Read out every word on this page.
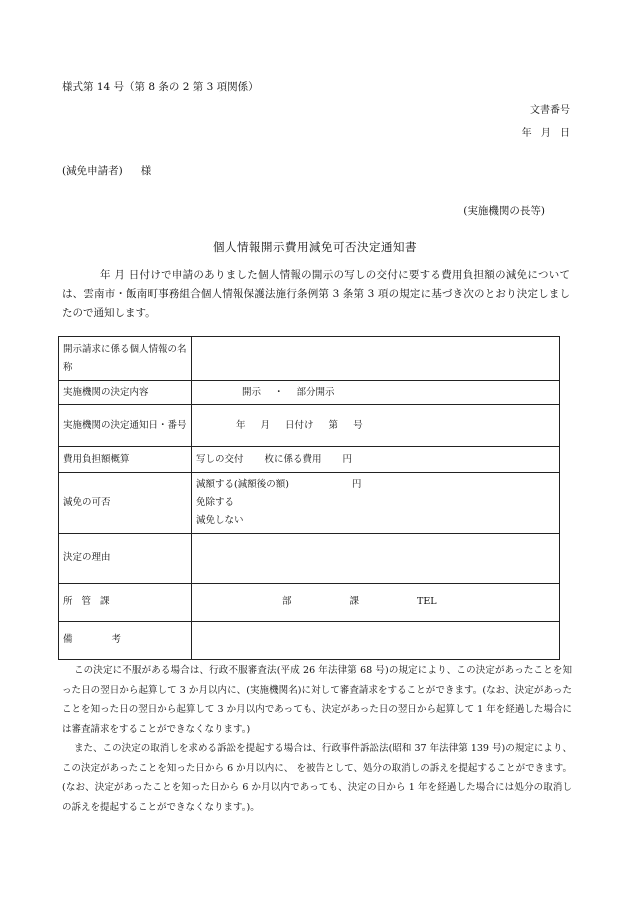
様式第 14 号（第 8 条の 2 第 3 項関係）
文書番号
年 月 日
(減免申請者) 様
(実施機関の長等)
個人情報開示費用減免可否決定通知書

年 月 日付けで申請のありました個人情報の開示の写しの交付に要する費用負担額の減免については、雲南市・飯南町事務組合個人情報保護法施行条例第 3 条第 3 項の規定に基づき次のとおり決定しましたので通知します。

開示請求に係る個人情報の名称	
実施機関の決定内容	開示 ・ 部分開示
実施機関の決定通知日・番号	年 月 日付け 第 号
費用負担額概算	写しの交付 枚に係る費用 円
減免の可否	減額する(減額後の額) 円
免除する
減免しない

決定の理由	
所 管 課	部 課 TEL
備 考	

この決定に不服がある場合は、行政不服審査法(平成 26 年法律第 68 号)の規定により、この決定があったことを知った日の翌日から起算して 3 か月以内に、(実施機関名)に対して審査請求をすることができます。(なお、決定があったことを知った日の翌日から起算して 3 か月以内であっても、決定があった日の翌日から起算して 1 年を経過した場合には審査請求をすることができなくなります。)

また、この決定の取消しを求める訴訟を提起する場合は、行政事件訴訟法(昭和 37 年法律第 139 号)の規定により、この決定があったことを知った日から 6 か月以内に、 を被告として、処分の取消しの訴えを提起することができます。(なお、決定があったことを知った日から 6 か月以内であっても、決定の日から 1 年を経過した場合には処分の取消しの訴えを提起することができなくなります。)。
